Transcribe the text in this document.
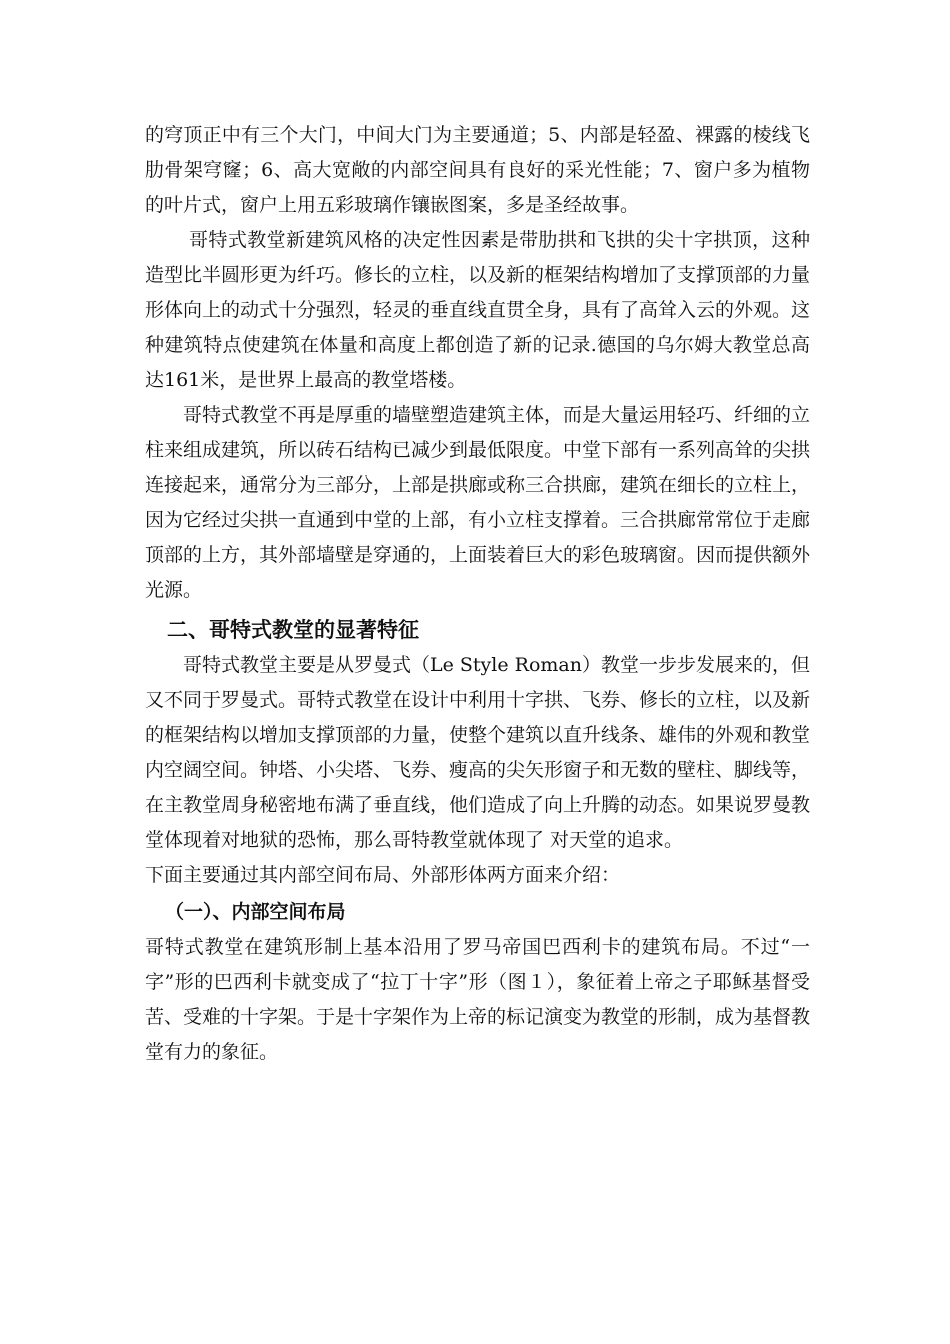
的穹顶正中有三个大门，中间大门为主要通道；5、内部是轻盈、裸露的棱线飞肋骨架穹窿；6、高大宽敞的内部空间具有良好的采光性能；7、窗户多为植物的叶片式，窗户上用五彩玻璃作镶嵌图案，多是圣经故事。

哥特式教堂新建筑风格的决定性因素是带肋拱和飞拱的尖十字拱顶，这种造型比半圆形更为纤巧。修长的立柱，以及新的框架结构增加了支撑顶部的力量形体向上的动式十分强烈，轻灵的垂直线直贯全身，具有了高耸入云的外观。这种建筑特点使建筑在体量和高度上都创造了新的记录.德国的乌尔姆大教堂总高达161米，是世界上最高的教堂塔楼。

哥特式教堂不再是厚重的墙壁塑造建筑主体，而是大量运用轻巧、纤细的立柱来组成建筑，所以砖石结构已减少到最低限度。中堂下部有一系列高耸的尖拱连接起来，通常分为三部分，上部是拱廊或称三合拱廊，建筑在细长的立柱上，因为它经过尖拱一直通到中堂的上部，有小立柱支撑着。三合拱廊常常位于走廊顶部的上方，其外部墙壁是穿通的，上面装着巨大的彩色玻璃窗。因而提供额外光源。

二、哥特式教堂的显著特征

哥特式教堂主要是从罗曼式（Le Style Roman）教堂一步步发展来的，但又不同于罗曼式。哥特式教堂在设计中利用十字拱、飞券、修长的立柱，以及新的框架结构以增加支撑顶部的力量，使整个建筑以直升线条、雄伟的外观和教堂内空阔空间。钟塔、小尖塔、飞券、瘦高的尖矢形窗子和无数的壁柱、脚线等，在主教堂周身秘密地布满了垂直线，他们造成了向上升腾的动态。如果说罗曼教堂体现着对地狱的恐怖，那么哥特教堂就体现了 对天堂的追求。

下面主要通过其内部空间布局、外部形体两方面来介绍：

（一）、内部空间布局

哥特式教堂在建筑形制上基本沿用了罗马帝国巴西利卡的建筑布局。不过“一字”形的巴西利卡就变成了“拉丁十字”形（图１），象征着上帝之子耶稣基督受苦、受难的十字架。于是十字架作为上帝的标记演变为教堂的形制，成为基督教堂有力的象征。
